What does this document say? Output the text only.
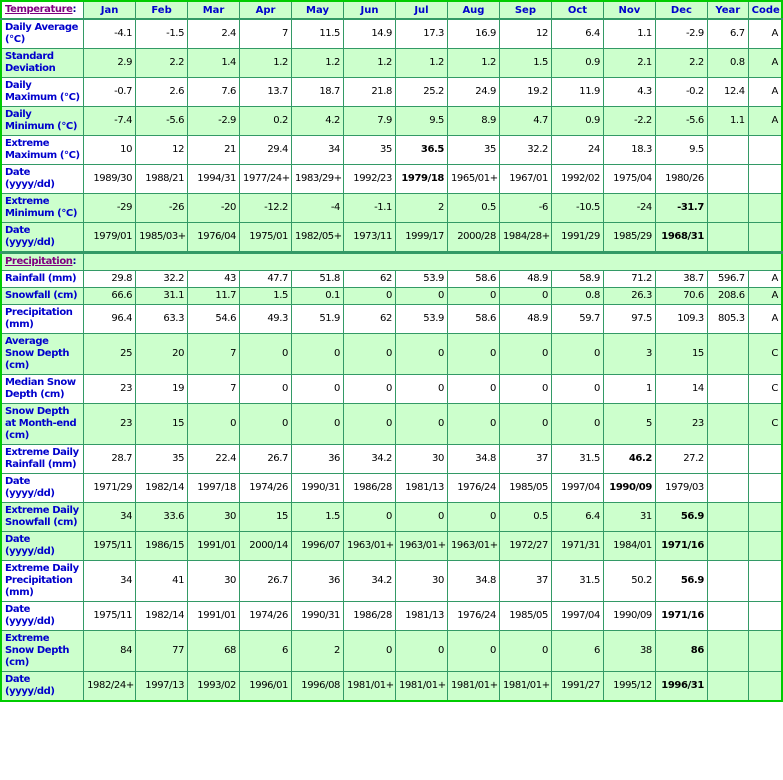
Temperature:	Jan	Feb	Mar	Apr	May	Jun	Jul	Aug	Sep	Oct	Nov	Dec	Year	Code
Daily Average (°C)	-4.1	-1.5	2.4	7	11.5	14.9	17.3	16.9	12	6.4	1.1	-2.9	6.7	A
Standard Deviation	2.9	2.2	1.4	1.2	1.2	1.2	1.2	1.2	1.5	0.9	2.1	2.2	0.8	A
Daily Maximum (°C)	-0.7	2.6	7.6	13.7	18.7	21.8	25.2	24.9	19.2	11.9	4.3	-0.2	12.4	A
Daily Minimum (°C)	-7.4	-5.6	-2.9	0.2	4.2	7.9	9.5	8.9	4.7	0.9	-2.2	-5.6	1.1	A
Extreme Maximum (°C)	10	12	21	29.4	34	35	36.5	35	32.2	24	18.3	9.5		
Date (yyyy/dd)	1989/30	1988/21	1994/31	1977/24+	1983/29+	1992/23	1979/18	1965/01+	1967/01	1992/02	1975/04	1980/26		
Extreme Minimum (°C)	-29	-26	-20	-12.2	-4	-1.1	2	0.5	-6	-10.5	-24	-31.7		
Date (yyyy/dd)	1979/01	1985/03+	1976/04	1975/01	1982/05+	1973/11	1999/17	2000/28	1984/28+	1991/29	1985/29	1968/31		
Precipitation:														
Rainfall (mm)	29.8	32.2	43	47.7	51.8	62	53.9	58.6	48.9	58.9	71.2	38.7	596.7	A
Snowfall (cm)	66.6	31.1	11.7	1.5	0.1	0	0	0	0	0.8	26.3	70.6	208.6	A
Precipitation (mm)	96.4	63.3	54.6	49.3	51.9	62	53.9	58.6	48.9	59.7	97.5	109.3	805.3	A
Average Snow Depth (cm)	25	20	7	0	0	0	0	0	0	0	3	15		C
Median Snow Depth (cm)	23	19	7	0	0	0	0	0	0	0	1	14		C
Snow Depth at Month-end (cm)	23	15	0	0	0	0	0	0	0	0	5	23		C
Extreme Daily Rainfall (mm)	28.7	35	22.4	26.7	36	34.2	30	34.8	37	31.5	46.2	27.2		
Date (yyyy/dd)	1971/29	1982/14	1997/18	1974/26	1990/31	1986/28	1981/13	1976/24	1985/05	1997/04	1990/09	1979/03		
Extreme Daily Snowfall (cm)	34	33.6	30	15	1.5	0	0	0	0.5	6.4	31	56.9		
Date (yyyy/dd)	1975/11	1986/15	1991/01	2000/14	1996/07	1963/01+	1963/01+	1963/01+	1972/27	1971/31	1984/01	1971/16		
Extreme Daily Precipitation (mm)	34	41	30	26.7	36	34.2	30	34.8	37	31.5	50.2	56.9		
Date (yyyy/dd)	1975/11	1982/14	1991/01	1974/26	1990/31	1986/28	1981/13	1976/24	1985/05	1997/04	1990/09	1971/16		
Extreme Snow Depth (cm)	84	77	68	6	2	0	0	0	0	6	38	86		
Date (yyyy/dd)	1982/24+	1997/13	1993/02	1996/01	1996/08	1981/01+	1981/01+	1981/01+	1981/01+	1991/27	1995/12	1996/31		
